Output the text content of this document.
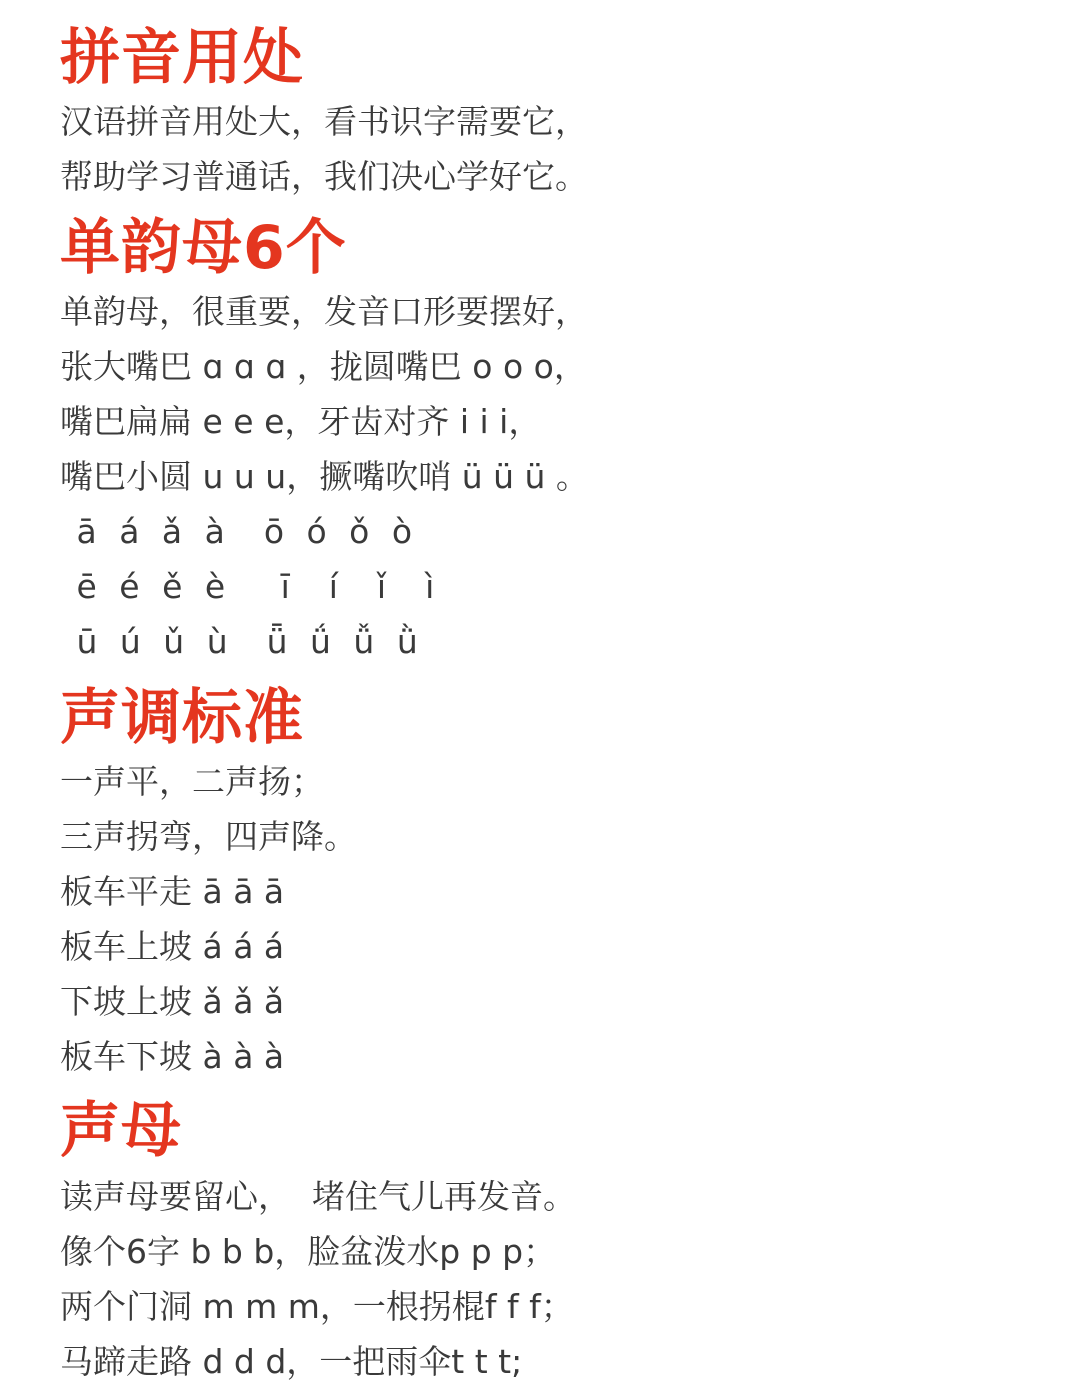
拼音用处
汉语拼音用处大，看书识字需要它，
帮助学习普通话，我们决心学好它。
单韵母6个
单韵母，很重要，发音口形要摆好，
张大嘴巴 ɑ ɑ ɑ ，拢圆嘴巴 o o o，
嘴巴扁扁 e e e，牙齿对齐 i i i，
嘴巴小圆 u u u，撅嘴吹哨 ü ü ü 。
ā á ǎ à  ō ó ǒ ò
ē é ě è   ī  í  ǐ  ì
ū ú ǔ ù  ǖ ǘ ǚ ǜ
声调标准
一声平，二声扬；
三声拐弯，四声降。
板车平走 ā ā ā
板车上坡 á á á
下坡上坡 ǎ ǎ ǎ
板车下坡 à à à
声母
读声母要留心，  堵住气儿再发音。
像个6字 b b b，脸盆泼水p p p；
两个门洞 m m m，一根拐棍f f f；
马蹄走路 d d d，一把雨伞t t t;
